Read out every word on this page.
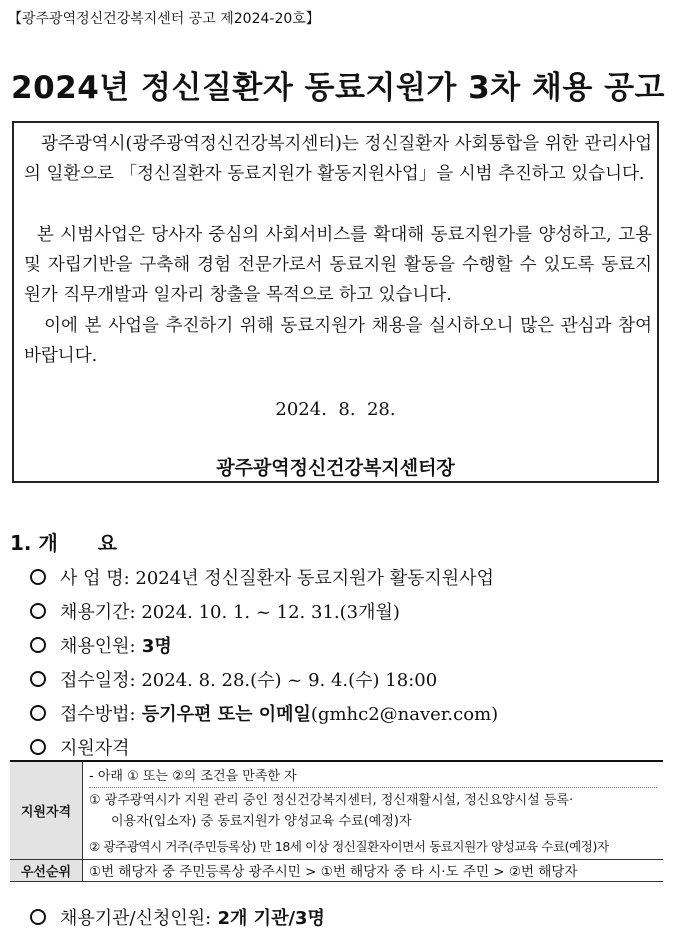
【광주광역정신건강복지센터 공고 제2024-20호】
2024년 정신질환자 동료지원가 3차 채용 공고

광주광역시(광주광역정신건강복지센터)는 정신질환자 사회통합을 위한 관리사업의 일환으로 「정신질환자 동료지원가 활동지원사업」을 시범 추진하고 있습니다.

본 시범사업은 당사자 중심의 사회서비스를 확대해 동료지원가를 양성하고, 고용 및 자립기반을 구축해 경험 전문가로서 동료지원 활동을 수행할 수 있도록 동료지원가 직무개발과 일자리 창출을 목적으로 하고 있습니다.

이에 본 사업을 추진하기 위해 동료지원가 채용을 실시하오니 많은 관심과 참여 바랍니다.

2024.  8.  28.
광주광역정신건강복지센터장
1. 개 요
사 업 명: 2024년 정신질환자 동료지원가 활동지원사업
채용기간: 2024. 10. 1. ~ 12. 31.(3개월)
채용인원: 3명
접수일정: 2024. 8. 28.(수) ~ 9. 4.(수) 18:00
접수방법: 등기우편 또는 이메일(gmhc2@naver.com)
지원자격
지원자격	- 아래 ① 또는 ②의 조건을 만족한 자
① 광주광역시가 지원 관리 중인 정신건강복지센터, 정신재활시설, 정신요양시설 등록·
이용자(입소자) 중 동료지원가 양성교육 수료(예정)자
② 광주광역시 거주(주민등록상) 만 18세 이상 정신질환자이면서 동료지원가 양성교육 수료(예정)자

우선순위	①번 해당자 중 주민등록상 광주시민 > ①번 해당자 중 타 시·도 주민 > ②번 해당자
채용기관/신청인원: 2개 기관/3명
